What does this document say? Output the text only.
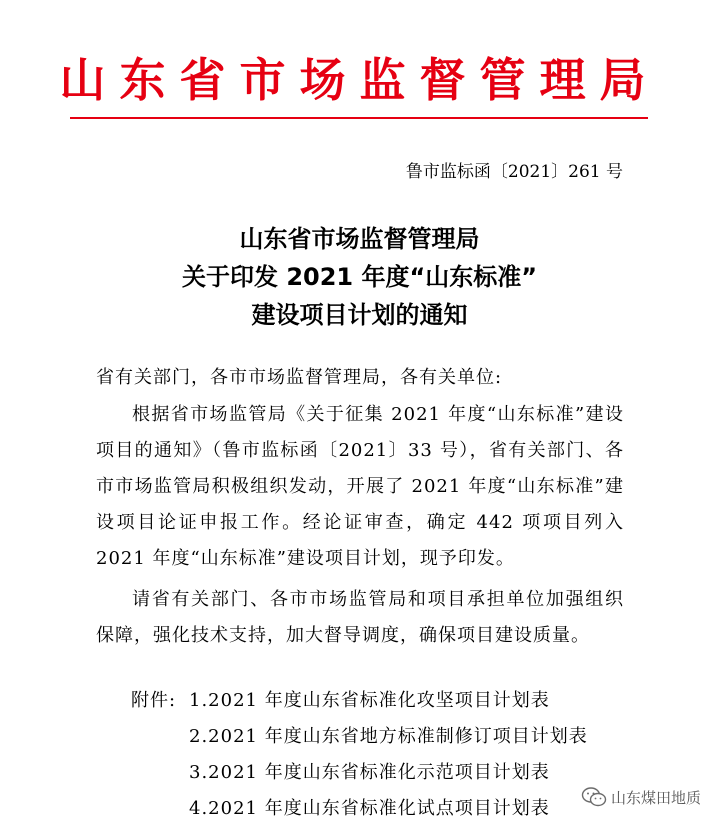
山东省市场监督管理局
鲁市监标函〔2021〕261 号
山东省市场监督管理局
关于印发 2021 年度“山东标准”
建设项目计划的通知
省有关部门，各市市场监督管理局，各有关单位:
根据省市场监管局《关于征集 2021 年度“山东标准”建设项目的通知》（鲁市监标函〔2021〕33 号），省有关部门、各市市场监管局积极组织发动，开展了 2021 年度“山东标准”建设项目论证申报工作。经论证审查，确定 442 项项目列入 2021 年度“山东标准”建设项目计划，现予印发。
请省有关部门、各市市场监管局和项目承担单位加强组织保障，强化技术支持，加大督导调度，确保项目建设质量。
附件: 1.2021 年度山东省标准化攻坚项目计划表
2.2021 年度山东省地方标准制修订项目计划表
3.2021 年度山东省标准化示范项目计划表
4.2021 年度山东省标准化试点项目计划表
山东煤田地质
